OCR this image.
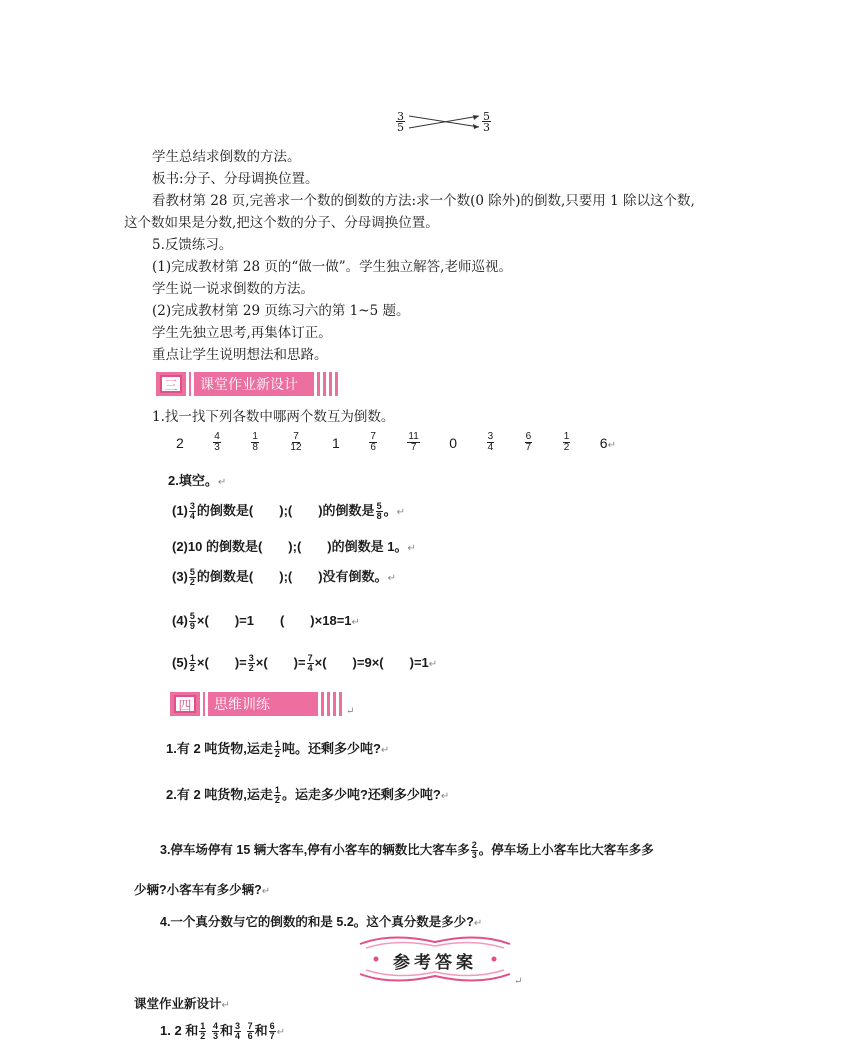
3
5
5
3
学生总结求倒数的方法。
板书:分子、分母调换位置。
看教材第 28 页,完善求一个数的倒数的方法:求一个数(0 除外)的倒数,只要用 1 除以这个数,
这个数如果是分数,把这个数的分子、分母调换位置。
5.反馈练习。
(1)完成教材第 28 页的“做一做”。学生独立解答,老师巡视。
学生说一说求倒数的方法。
(2)完成教材第 29 页练习六的第 1~5 题。
学生先独立思考,再集体订正。
重点让学生说明想法和思路。
三	课堂作业新设计
1.找一找下列各数中哪两个数互为倒数。
2	$\frac{4}{3}$	$\frac{1}{8}$	$\frac{7}{12} 1$	$\frac{7}{6}$	$\frac{11}{7} 0$	$\frac{3}{4}$	$\frac{6}{7}$	$\frac{1}{2}$ 6↵
2.填空。↵
$(1) \frac{3}{4}$ 的倒数是(　　);(　　)的倒数是 $\frac{5}{8}$ 。↵
(2)10 的倒数是(　　);(　　)的倒数是 1。↵
$(3) \frac{5}{2}$ 的倒数是(　　);(　　)没有倒数。↵
$(4) \frac{5}{9}$ ×(　　)=1　　(　　)×18=1↵
$(5) \frac{1}{2}$ ×(　　)= $\frac{3}{2}$ ×(　　)= $\frac{7}{4}$ ×(　　)=9×(　　)=1↵
四	思维训练	↵
1.有 2 吨货物,运走 $\frac{1}{2}$ 吨。还剩多少吨?↵
2.有 2 吨货物,运走 $\frac{1}{2}$ 。运走多少吨?还剩多少吨?↵
3.停车场停有 15 辆大客车,停有小客车的辆数比大客车多 $\frac{2}{3}$ 。停车场上小客车比大客车多多
少辆?小客车有多少辆?↵
4.一个真分数与它的倒数的和是 5.2。这个真分数是多少?↵
参考答案
↵
课堂作业新设计↵
1. 2 和 $\frac{1}{2}$
$\frac{4}{3}$ 和 $\frac{3}{4}$
$\frac{7}{6}$ 和 $\frac{6}{7}$ ↵
